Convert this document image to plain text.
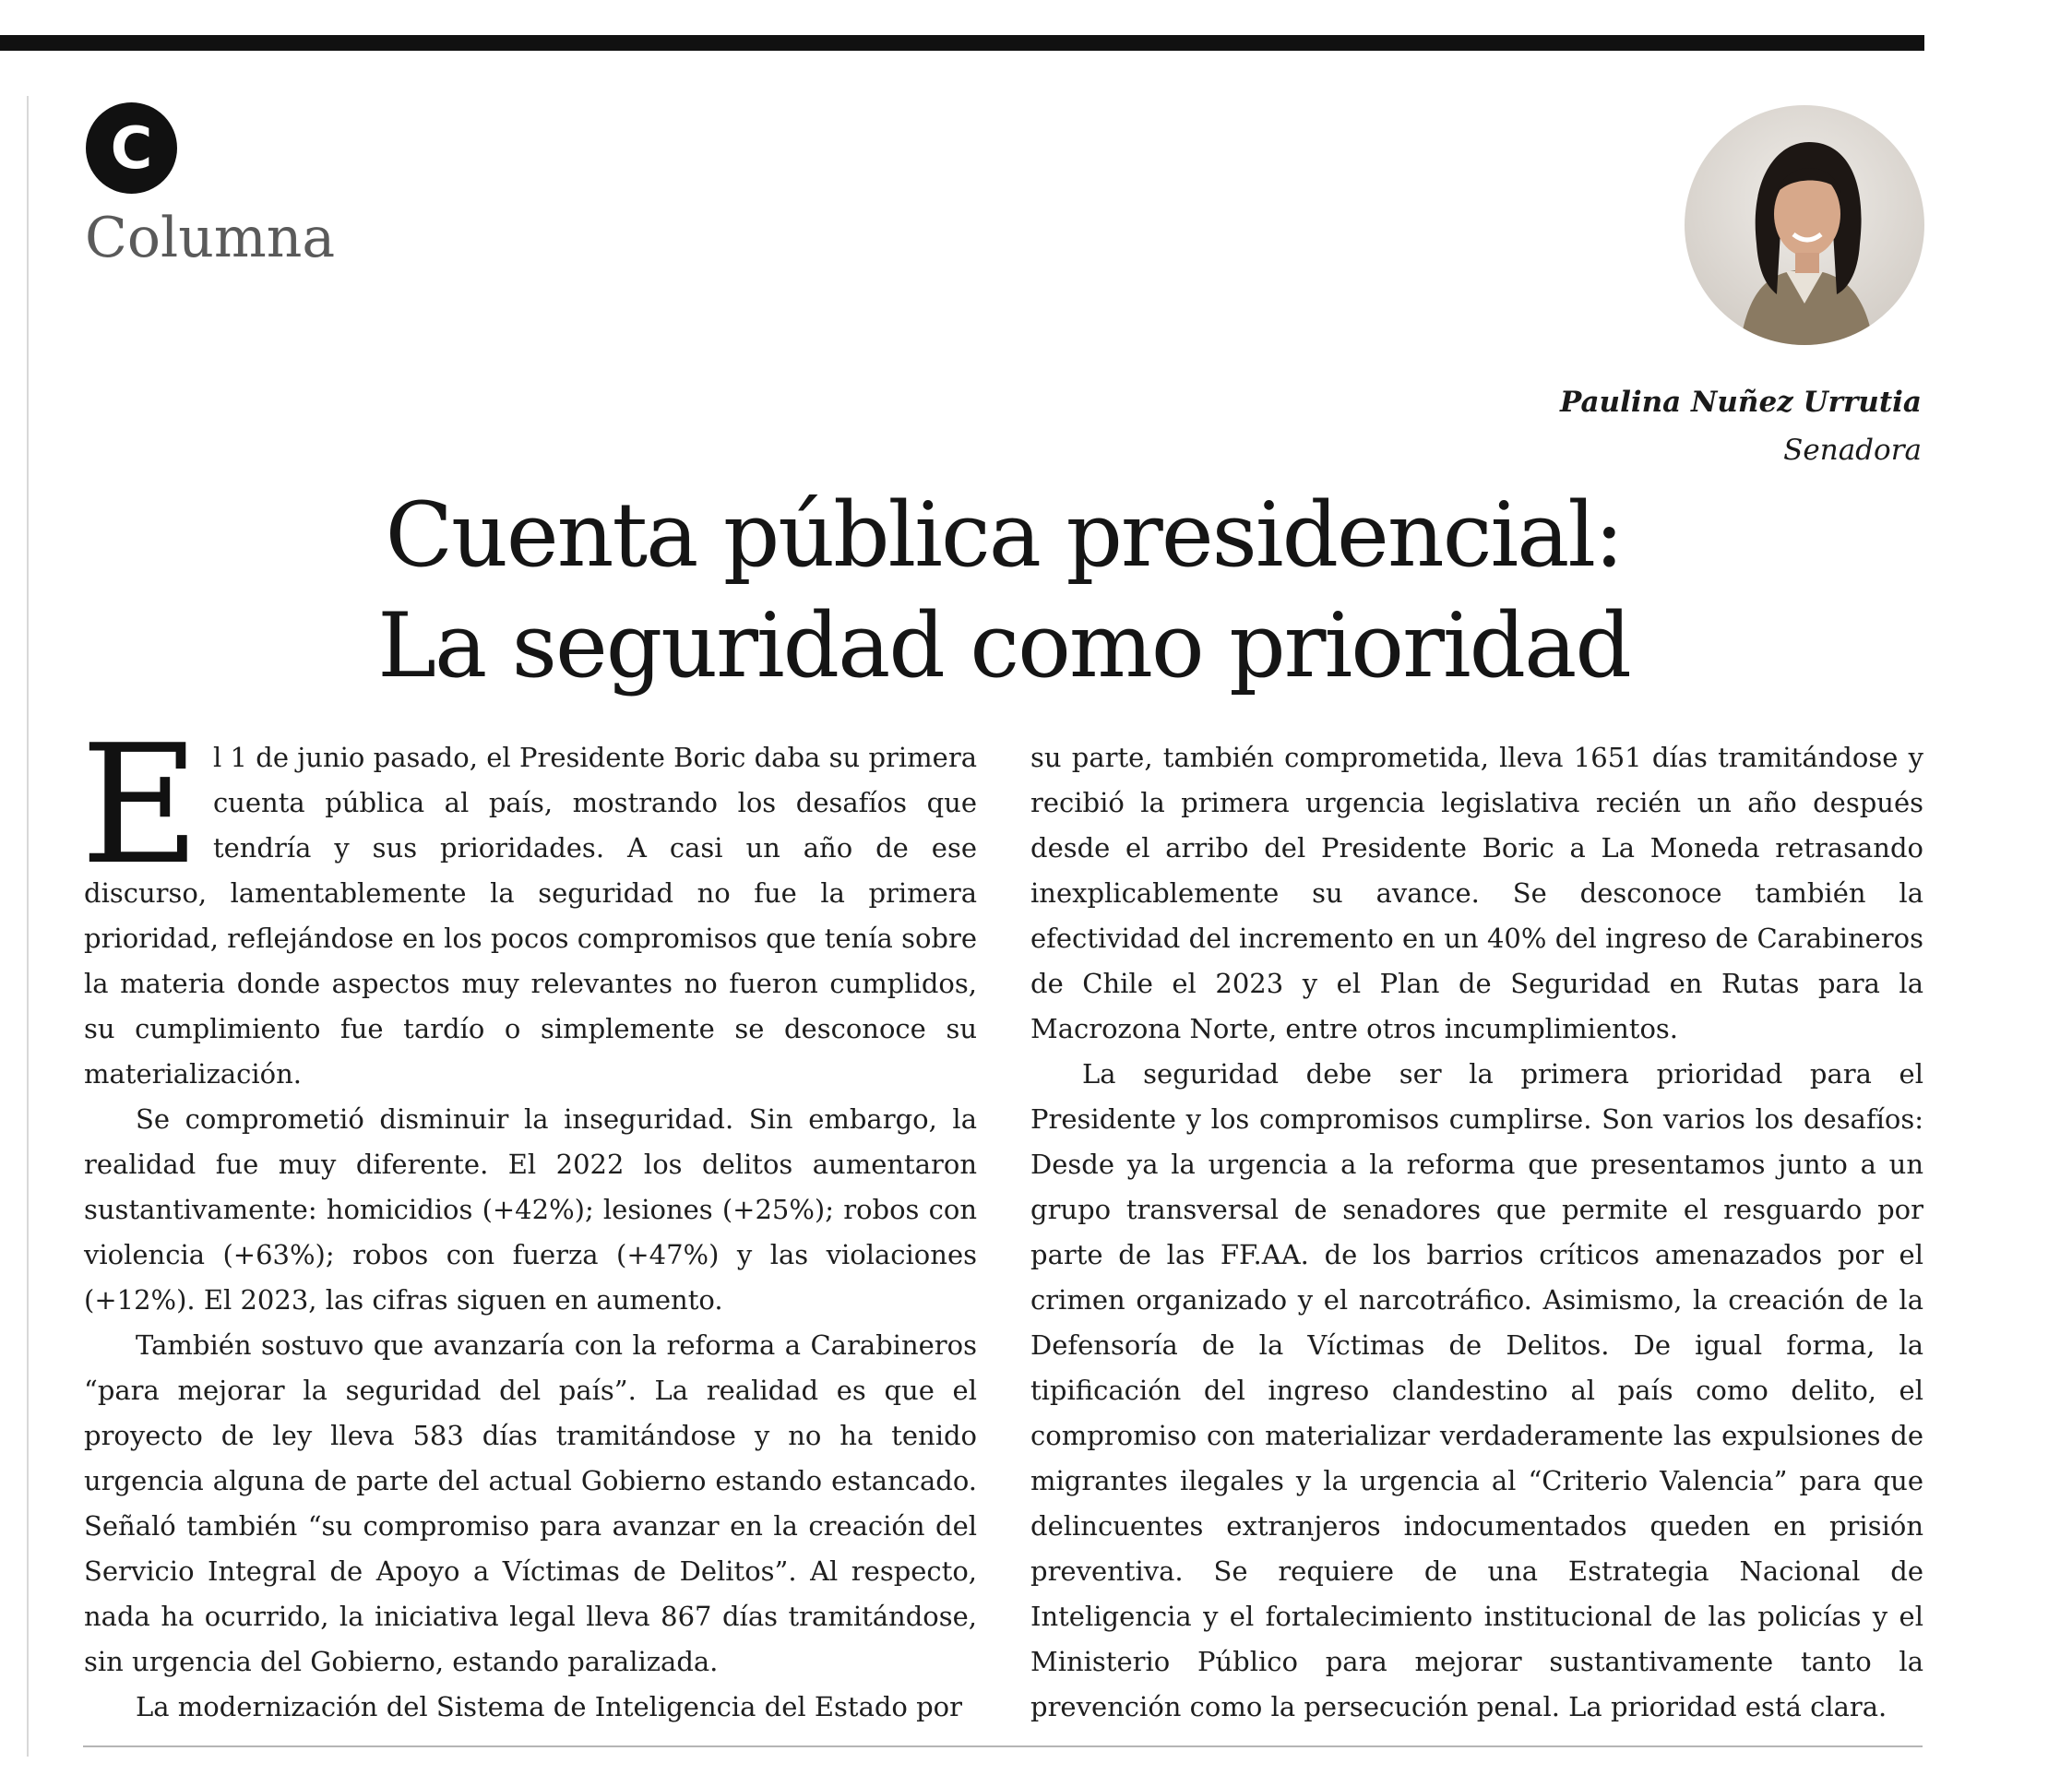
C
Columna
Paulina Nuñez Urrutia
Senadora
Cuenta pública presidencial:
La seguridad como prioridad

El 1 de junio pasado, el Presidente Boric daba su primera cuenta pública al país, mostrando los desafíos que tendría y sus prioridades. A casi un año de ese discurso, lamentablemente la seguridad no fue la primera prioridad, reflejándose en los pocos compromisos que tenía sobre la materia donde aspectos muy relevantes no fueron cumplidos, su cumplimiento fue tardío o simplemente se desconoce su materialización.

Se comprometió disminuir la inseguridad. Sin embargo, la realidad fue muy diferente. El 2022 los delitos aumentaron sustantivamente: homicidios (+42%); lesiones (+25%); robos con violencia (+63%); robos con fuerza (+47%) y las violaciones (+12%). El 2023, las cifras siguen en aumento.

También sostuvo que avanzaría con la reforma a Carabineros “para mejorar la seguridad del país”. La realidad es que el proyecto de ley lleva 583 días tramitándose y no ha tenido urgencia alguna de parte del actual Gobierno estando estancado. Señaló también “su compromiso para avanzar en la creación del Servicio Integral de Apoyo a Víctimas de Delitos”. Al respecto, nada ha ocurrido, la iniciativa legal lleva 867 días tramitándose, sin urgencia del Gobierno, estando paralizada.

La modernización del Sistema de Inteligencia del Estado por

su parte, también comprometida, lleva 1651 días tramitándose y recibió la primera urgencia legislativa recién un año después desde el arribo del Presidente Boric a La Moneda retrasando inexplicablemente su avance. Se desconoce también la efectividad del incremento en un 40% del ingreso de Carabineros de Chile el 2023 y el Plan de Seguridad en Rutas para la Macrozona Norte, entre otros incumplimientos.

La seguridad debe ser la primera prioridad para el Presidente y los compromisos cumplirse. Son varios los desafíos: Desde ya la urgencia a la reforma que presentamos junto a un grupo transversal de senadores que permite el resguardo por parte de las FF.AA. de los barrios críticos amenazados por el crimen organizado y el narcotráfico. Asimismo, la creación de la Defensoría de la Víctimas de Delitos. De igual forma, la tipificación del ingreso clandestino al país como delito, el compromiso con materializar verdaderamente las expulsiones de migrantes ilegales y la urgencia al “Criterio Valencia” para que delincuentes extranjeros indocumentados queden en prisión preventiva. Se requiere de una Estrategia Nacional de Inteligencia y el fortalecimiento institucional de las policías y el Ministerio Público para mejorar sustantivamente tanto la prevención como la persecución penal. La prioridad está clara.
